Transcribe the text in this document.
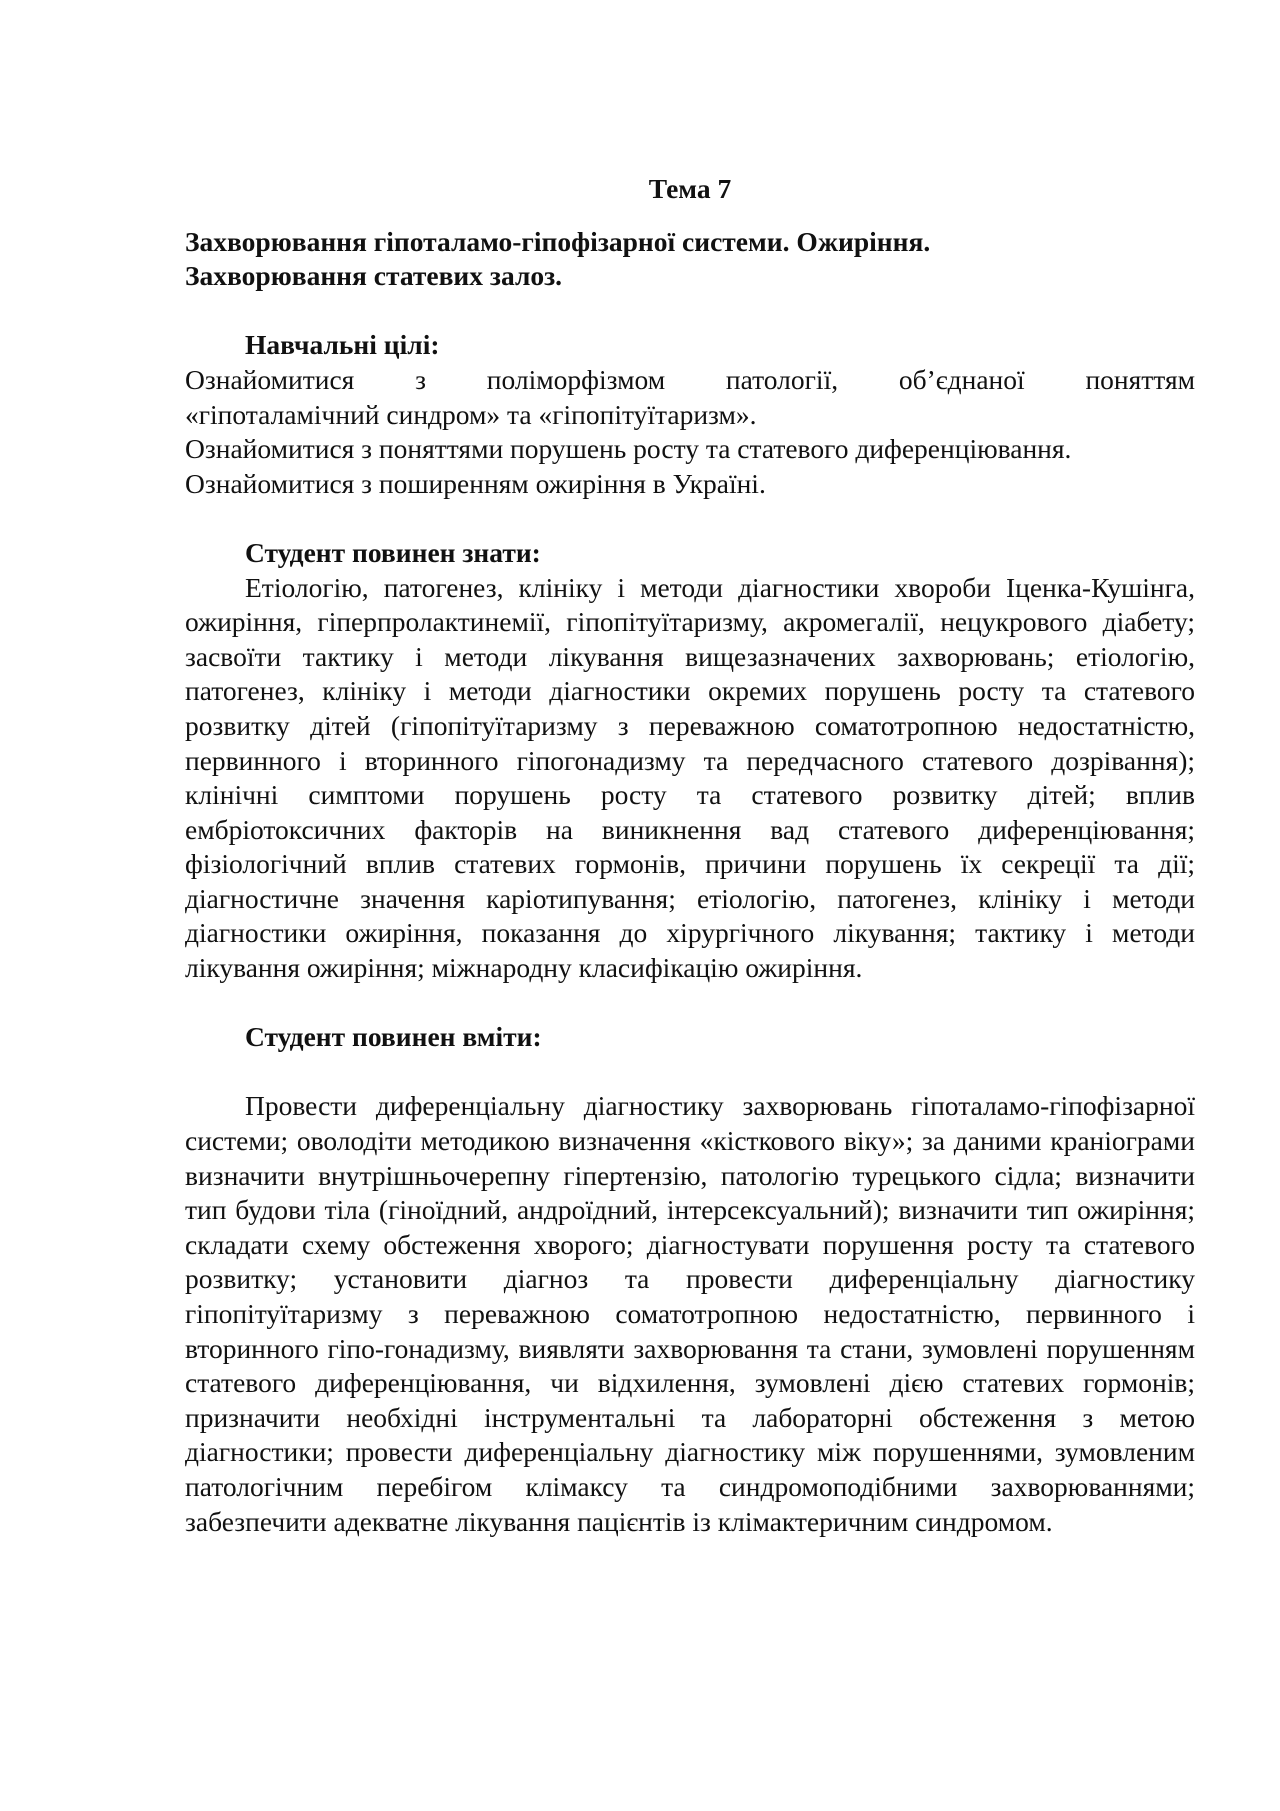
Тема 7

Захворювання гіпоталамо-гіпофізарної системи. Ожиріння.

Захворювання статевих залоз.

Навчальні цілі:

Ознайомитися з поліморфізмом патології, об’єднаної поняттям

«гіпоталамічний синдром» та «гіпопітуїтаризм».

Ознайомитися з поняттями порушень росту та статевого диференціювання.

Ознайомитися з поширенням ожиріння в Україні.

Студент повинен знати:

Етіологію, патогенез, клініку і методи діагностики хвороби Іценка-Кушінга, ожиріння, гіперпролактинемії, гіпопітуїтаризму, акромегалії, нецукрового діабету; засвоїти тактику і методи лікування вищезазначених захворювань; етіологію, патогенез, клініку і методи діагностики окремих порушень росту та статевого розвитку дітей (гіпопітуїтаризму з переважною соматотропною недостатністю, первинного і вторинного гіпогонадизму та передчасного статевого дозрівання); клінічні симптоми порушень росту та статевого розвитку дітей; вплив ембріотоксичних факторів на виникнення вад статевого диференціювання; фізіологічний вплив статевих гормонів, причини порушень їх секреції та дії; діагностичне значення каріотипування; етіологію, патогенез, клініку і методи діагностики ожиріння, показання до хірургічного лікування; тактику і методи лікування ожиріння; міжнародну класифікацію ожиріння.

Студент повинен вміти:

Провести диференціальну діагностику захворювань гіпоталамо-гіпофізарної системи; оволодіти методикою визначення «кісткового віку»; за даними краніограми визначити внутрішньочерепну гіпертензію, патологію турецького сідла; визначити тип будови тіла (гіноїдний, андроїдний, інтерсексуальний); визначити тип ожиріння; складати схему обстеження хворого; діагностувати порушення росту та статевого розвитку; установити діагноз та провести диференціальну діагностику гіпопітуїтаризму з переважною соматотропною недостатністю, первинного і вторинного гіпо-гонадизму, виявляти захворювання та стани, зумовлені порушенням статевого диференціювання, чи відхилення, зумовлені дією статевих гормонів; призначити необхідні інструментальні та лабораторні обстеження з метою діагностики; провести диференціальну діагностику між порушеннями, зумовленим патологічним перебігом клімаксу та синдромоподібними захворюваннями; забезпечити адекватне лікування пацієнтів із клімактеричним синдромом.
